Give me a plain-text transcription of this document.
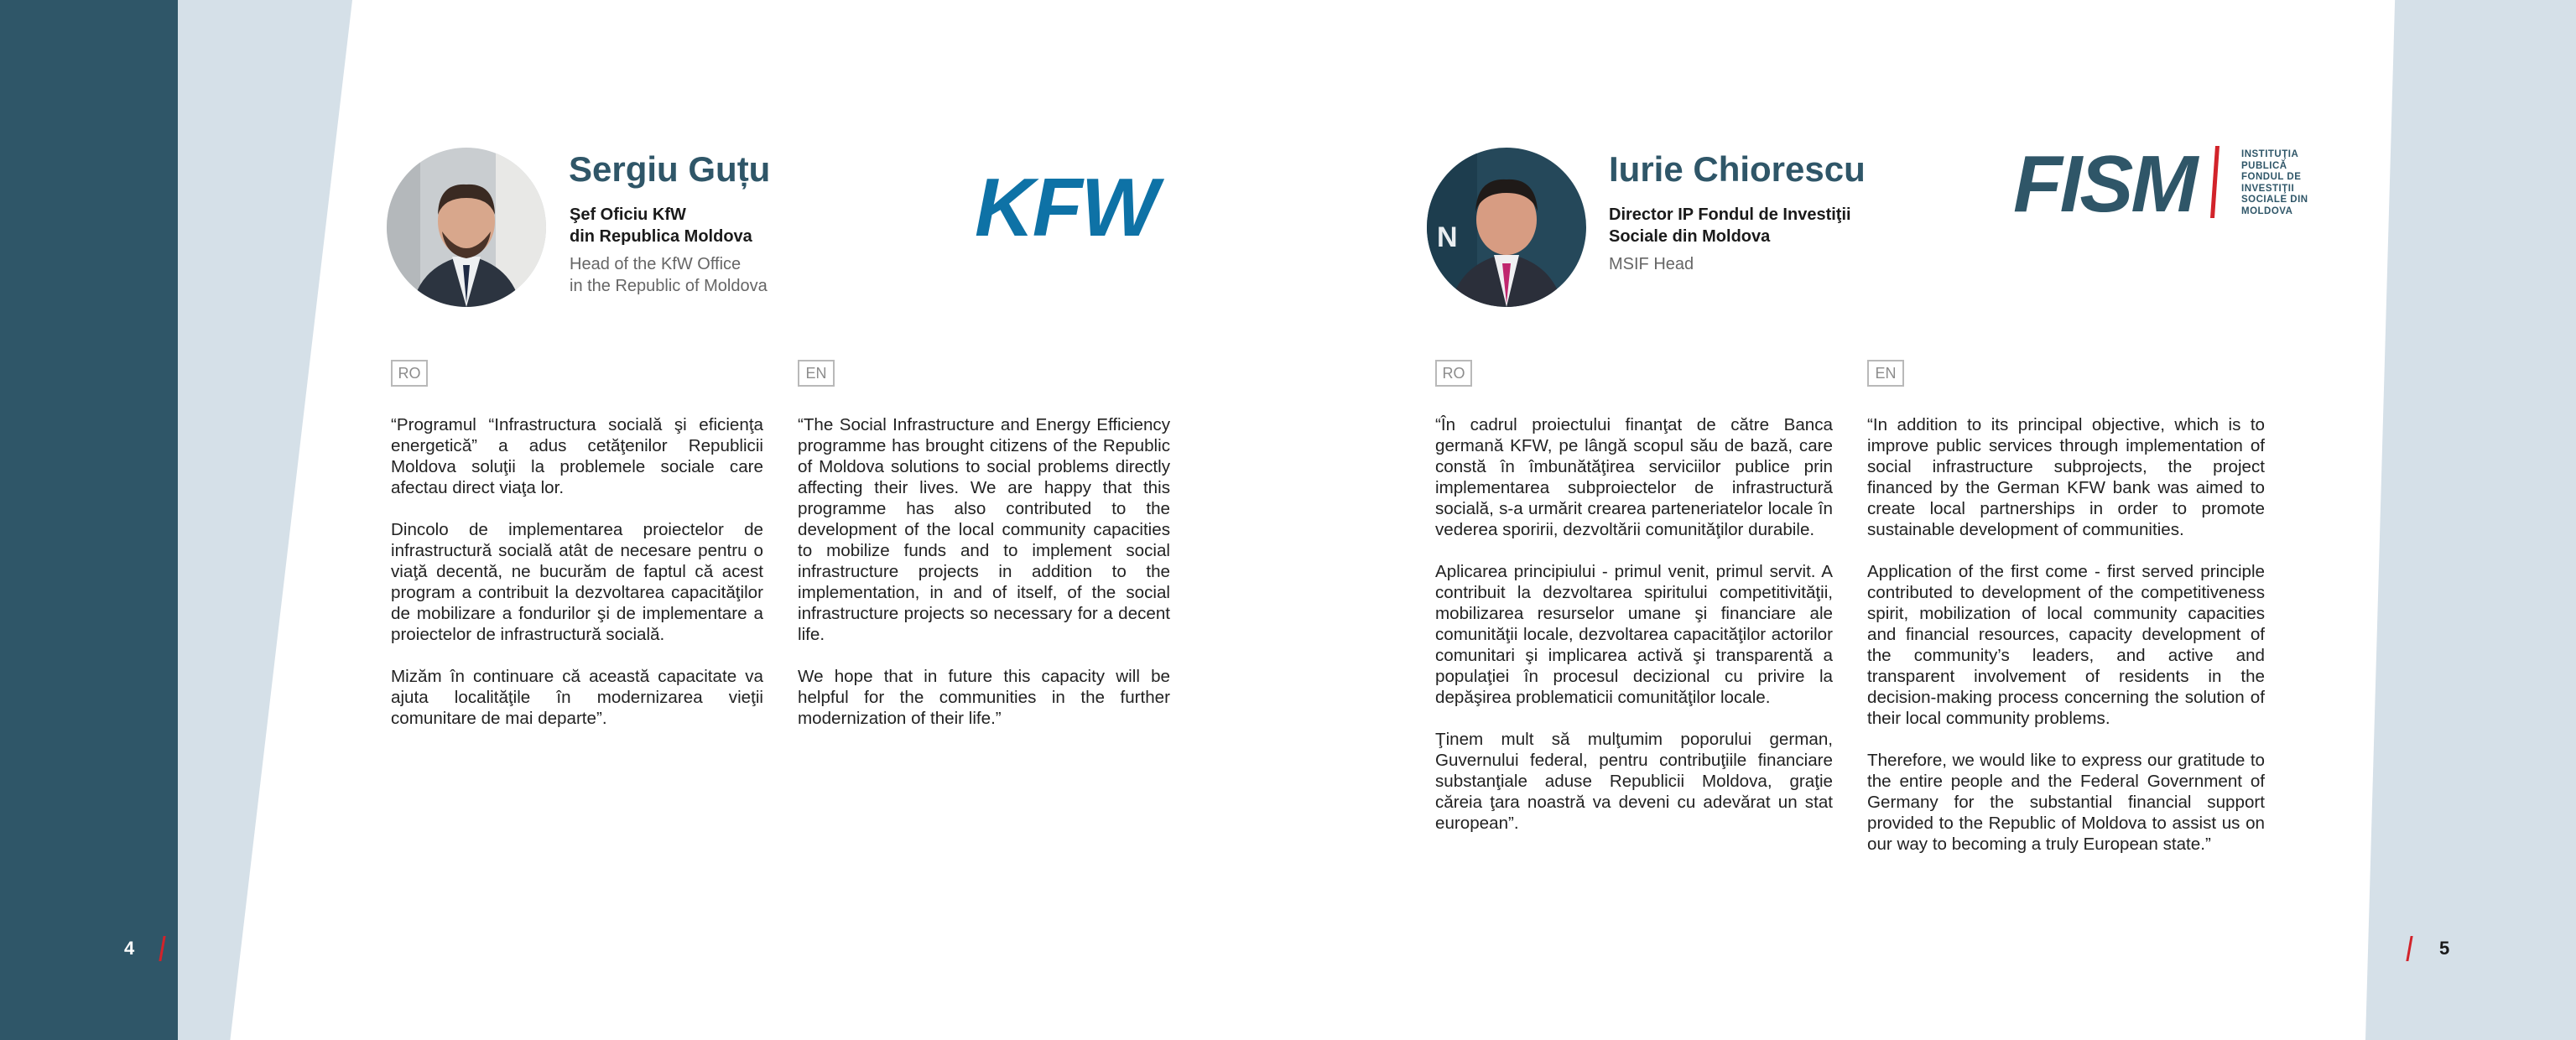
Sergiu Guțu
Şef Oficiu KfW
din Republica Moldova
Head of the KfW Office
in the Republic of Moldova
KFW
RO	EN

“Programul “Infrastructura socială şi eficienţa energetică” a adus cetăţenilor Republicii Moldova soluţii la problemele sociale care afectau direct viaţa lor.

Dincolo de implementarea proiectelor de infrastructură socială atât de necesare pentru o viaţă decentă, ne bucurăm de faptul că acest program a contribuit la dezvoltarea capacităţilor de mobilizare a fondurilor şi de implementare a proiectelor de infrastructură socială.

Mizăm în continuare că această capacitate va ajuta localităţile în modernizarea vieţii comunitare de mai departe”.

“The Social Infrastructure and Energy Efficiency programme has brought citizens of the Republic of Moldova solutions to social problems directly affecting their lives. We are happy that this programme has also contributed to the development of the local community capacities to mobilize funds and to implement social infrastructure projects in addition to the implementation, in and of itself, of the social infrastructure projects so necessary for a decent life.

We hope that in future this capacity will be helpful for the communities in the further modernization of their life.”

4
N
Iurie Chiorescu
Director IP Fondul de Investiţii
Sociale din Moldova
MSIF Head
FISM	INSTITUŢIA
PUBLICĂ
FONDUL DE
INVESTIŢII
SOCIALE DIN
MOLDOVA
RO	EN

“În cadrul proiectului finanţat de către Banca germană KFW, pe lângă scopul său de bază, care constă în îmbunătăţirea serviciilor publice prin implementarea subproiectelor de infrastructură socială, s-a urmărit crearea parteneriatelor locale în vederea sporirii, dezvoltării comunităţilor durabile.

Aplicarea principiului - primul venit, primul servit. A contribuit la dezvoltarea spiritului competitivităţii, mobilizarea resurselor umane şi financiare ale comunităţii locale, dezvoltarea capacităţilor actorilor comunitari şi implicarea activă şi transparentă a populaţiei în procesul decizional cu privire la depăşirea problematicii comunităţilor locale.

Ţinem mult să mulţumim poporului german, Guvernului federal, pentru contribuţiile financiare substanţiale aduse Republicii Moldova, graţie căreia ţara noastră va deveni cu adevărat un stat european”.

“In addition to its principal objective, which is to improve public services through implementation of social infrastructure subprojects, the project financed by the German KFW bank was aimed to create local partnerships in order to promote sustainable development of communities.

Application of the first come - first served principle contributed to development of the competitiveness spirit, mobilization of local community capacities and financial resources, capacity development of the community’s leaders, and active and transparent involvement of residents in the decision-making process concerning the solution of their local community problems.

Therefore, we would like to express our gratitude to the entire people and the Federal Government of Germany for the substantial financial support provided to the Republic of Moldova to assist us on our way to becoming a truly European state.”

5
